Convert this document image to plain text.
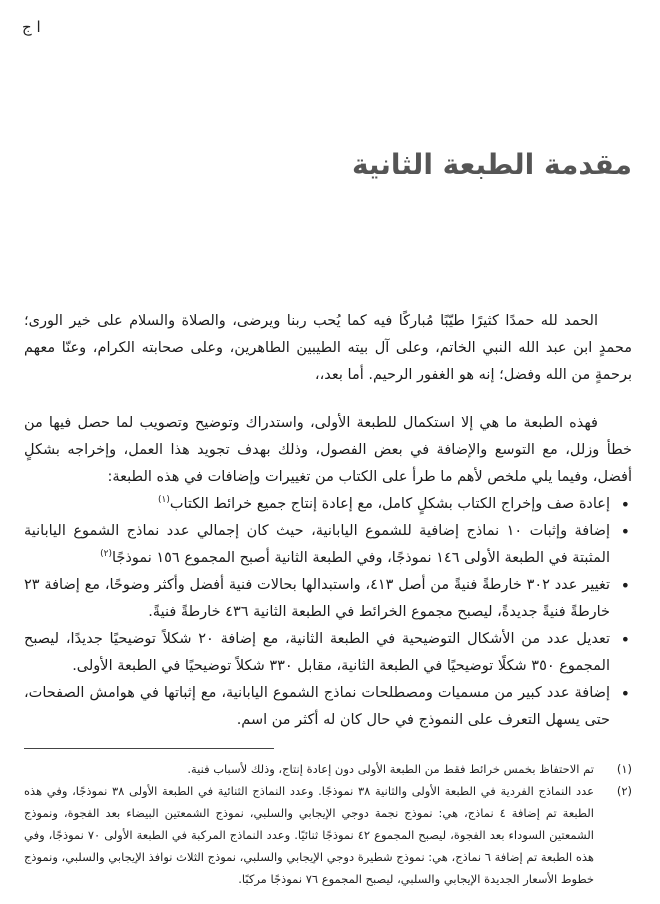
ا ج
مقدمة الطبعة الثانية

الحمد لله حمدًا كثيرًا طيّبًا مُباركًا فيه كما يُحب ربنا ويرضى، والصلاة والسلام على خير الورى؛ محمدٍ ابن عبد الله النبي الخاتم، وعلى آل بيته الطيبين الطاهرين، وعلى صحابته الكرام، وعنّا معهم برحمةٍ من الله وفضل؛ إنه هو الغفور الرحيم. أما بعد،،

فهذه الطبعة ما هي إلا استكمال للطبعة الأولى، واستدراك وتوضيح وتصويب لما حصل فيها من خطأ وزلل، مع التوسع والإضافة في بعض الفصول، وذلك بهدف تجويد هذا العمل، وإخراجه بشكلٍ أفضل، وفيما يلي ملخص لأهم ما طرأ على الكتاب من تغييرات وإضافات في هذه الطبعة:

•
إعادة صف وإخراج الكتاب بشكلٍ كامل، مع إعادة إنتاج جميع خرائط الكتاب$^{(١)}$
•
إضافة وإثبات ١٠ نماذج إضافية للشموع اليابانية، حيث كان إجمالي عدد نماذج الشموع اليابانية المثبتة في الطبعة الأولى ١٤٦ نموذجًا، وفي الطبعة الثانية أصبح المجموع ١٥٦ نموذجًا$^{(٢)}$
•
تغيير عدد ٣٠٢ خارطةً فنيةً من أصل ٤١٣، واستبدالها بحالات فنية أفضل وأكثر وضوحًا، مع إضافة ٢٣ خارطةً فنيةً جديدةً، ليصبح مجموع الخرائط في الطبعة الثانية ٤٣٦ خارطةً فنيةً.
•
تعديل عدد من الأشكال التوضيحية في الطبعة الثانية، مع إضافة ٢٠ شكلاً توضيحيًا جديدًا، ليصبح المجموع ٣٥٠ شكلًا توضيحيًا في الطبعة الثانية، مقابل ٣٣٠ شكلاً توضيحيًا في الطبعة الأولى.
•
إضافة عدد كبير من مسميات ومصطلحات نماذج الشموع اليابانية، مع إثباتها في هوامش الصفحات، حتى يسهل التعرف على النموذج في حال كان له أكثر من اسم.
(١)
تم الاحتفاظ بخمس خرائط فقط من الطبعة الأولى دون إعادة إنتاج، وذلك لأسباب فنية.
(٢)
عدد النماذج الفردية في الطبعة الأولى والثانية ٣٨ نموذجًا. وعدد النماذج الثنائية في الطبعة الأولى ٣٨ نموذجًا، وفي هذه الطبعة تم إضافة ٤ نماذج، هي: نموذج نجمة دوجي الإيجابي والسلبي، نموذج الشمعتين البيضاء بعد الفجوة، ونموذج الشمعتين السوداء بعد الفجوة، ليصبح المجموع ٤٢ نموذجًا ثنائيًا. وعدد النماذج المركبة في الطبعة الأولى ٧٠ نموذجًا، وفي هذه الطبعة تم إضافة ٦ نماذج، هي: نموذج شطيرة دوجي الإيجابي والسلبي، نموذج الثلاث نوافذ الإيجابي والسلبي، ونموذج خطوط الأسعار الجديدة الإيجابي والسلبي، ليصبح المجموع ٧٦ نموذجًا مركبًا.
